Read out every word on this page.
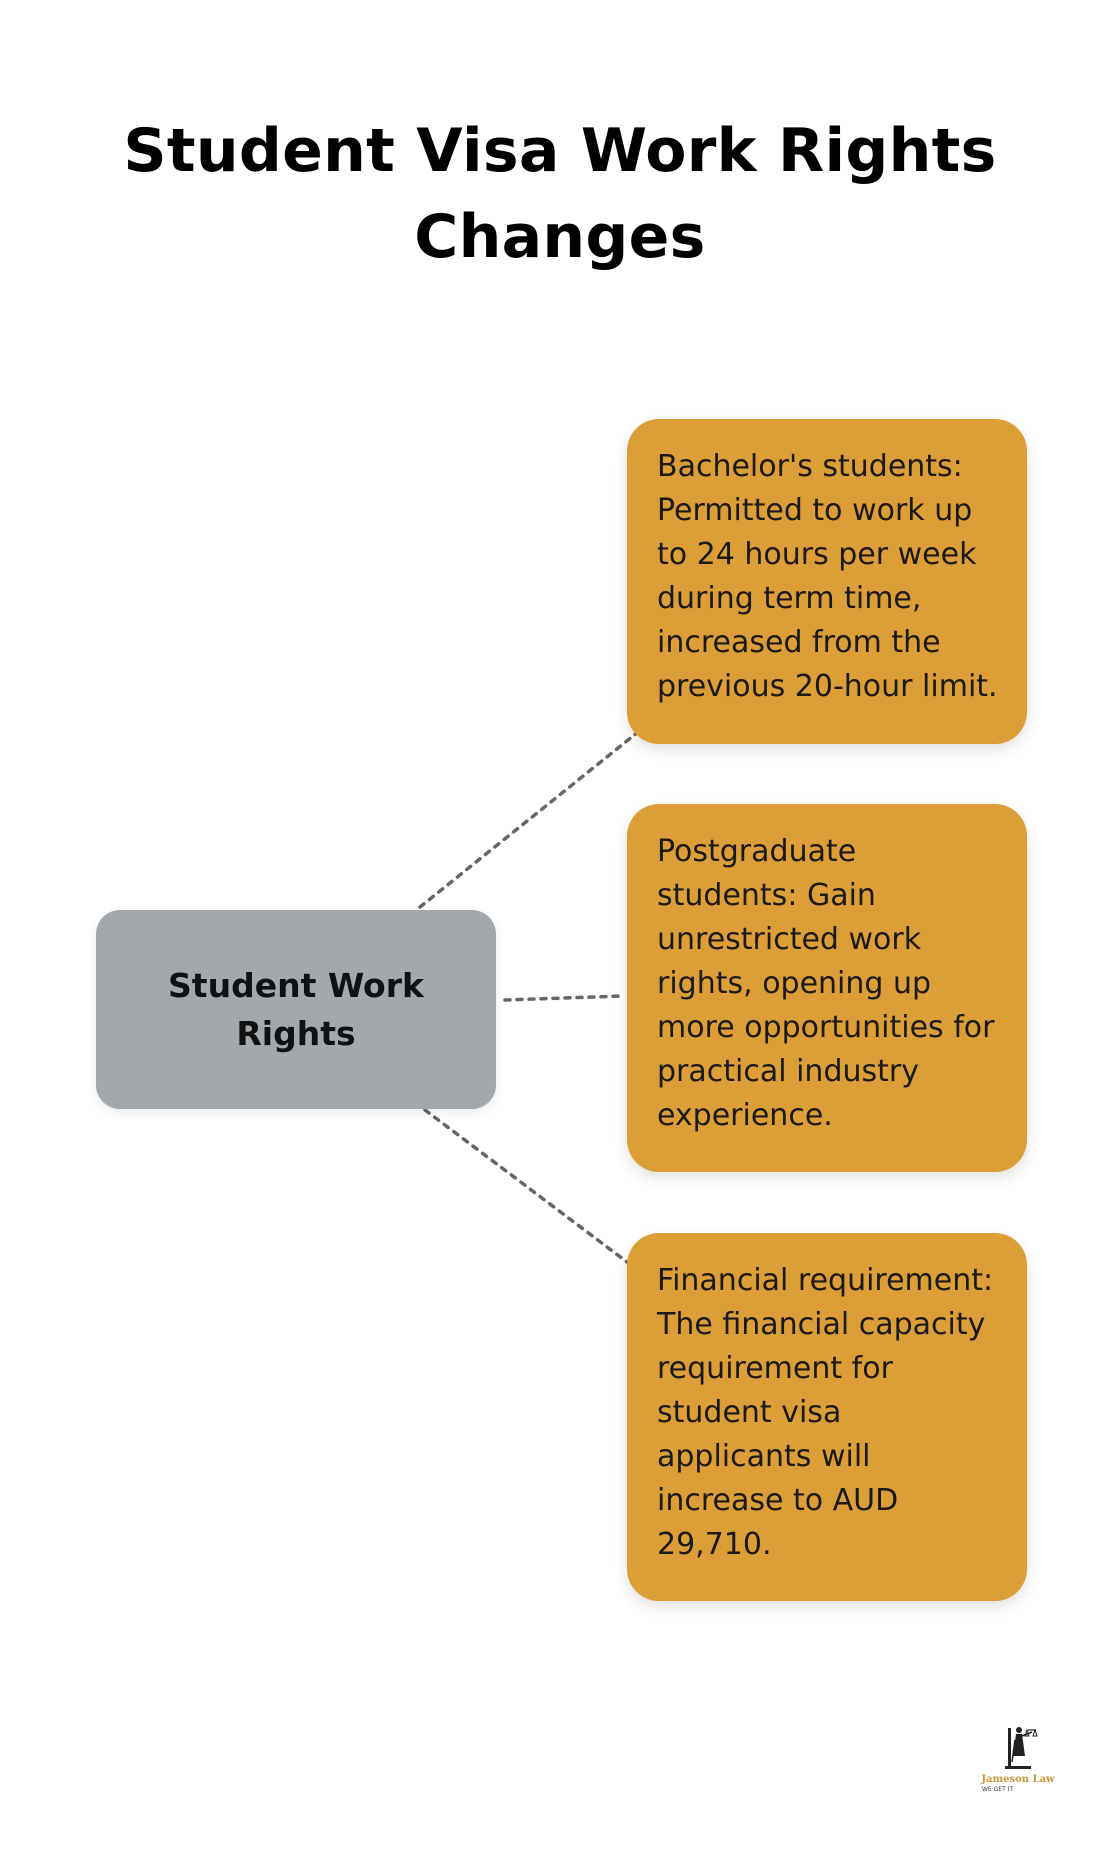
Student Visa Work Rights Changes
Student Work Rights
Bachelor's students: Permitted to work up to 24 hours per week during term time, increased from the previous 20-hour limit.
Postgraduate students: Gain unrestricted work rights, opening up more opportunities for practical industry experience.
Financial requirement: The financial capacity requirement for student visa applicants will increase to AUD 29,710.
Jameson Law
WE GET IT
